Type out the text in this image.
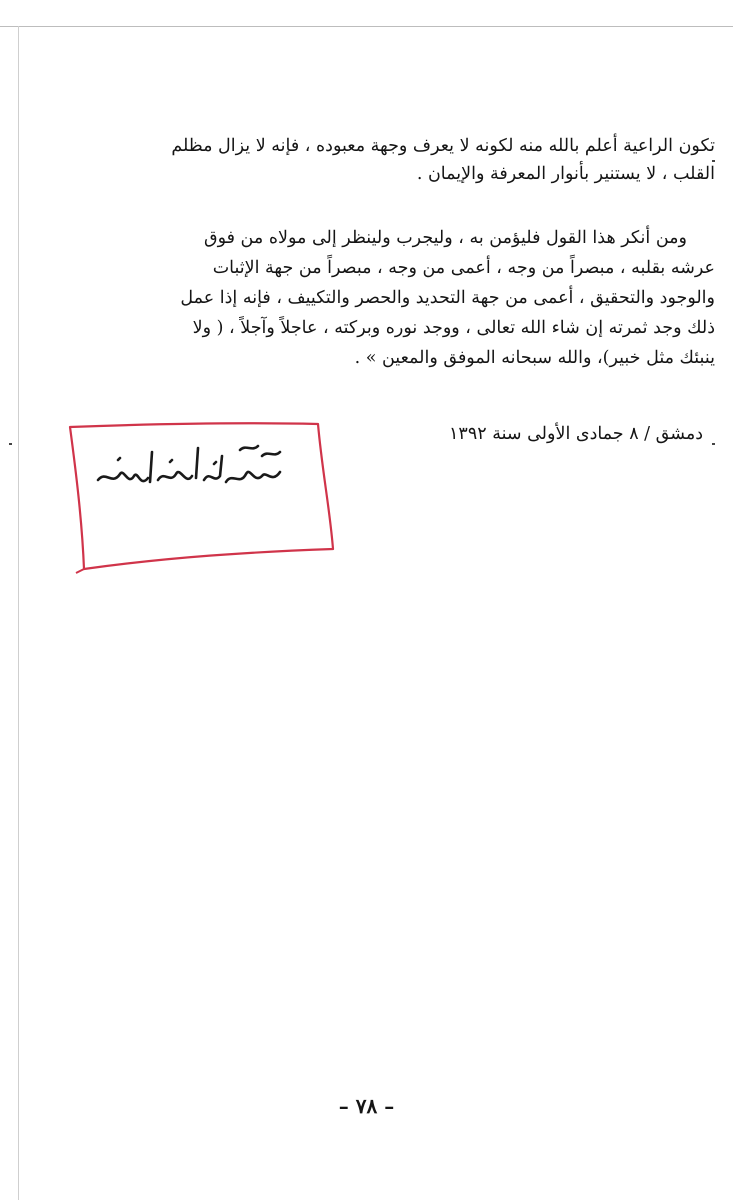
تكون الراعية أعلم بالله منه لكونه لا يعرف وجهة معبوده ، فإنه لا يزال مظلم
القلب ، لا يستنير بأنوار المعرفة والإيمان .
ومن أنكر هذا القول فليؤمن به ، وليجرب ولينظر إلى مولاه من فوق
عرشه بقلبه ، مبصراً من وجه ، أعمى من وجه ، مبصراً من جهة الإثبات
والوجود والتحقيق ، أعمى من جهة التحديد والحصر والتكييف ، فإنه إذا عمل
ذلك وجد ثمرته إن شاء الله تعالى ، ووجد نوره وبركته ، عاجلاً وآجلاً ، ( ولا
ينبئك مثل خبير)، والله سبحانه الموفق والمعين » .
دمشق / ٨ جمادى الأولى سنة ١٣٩٢
محمد ناصر الدين الألباني
– ٧٨ –
